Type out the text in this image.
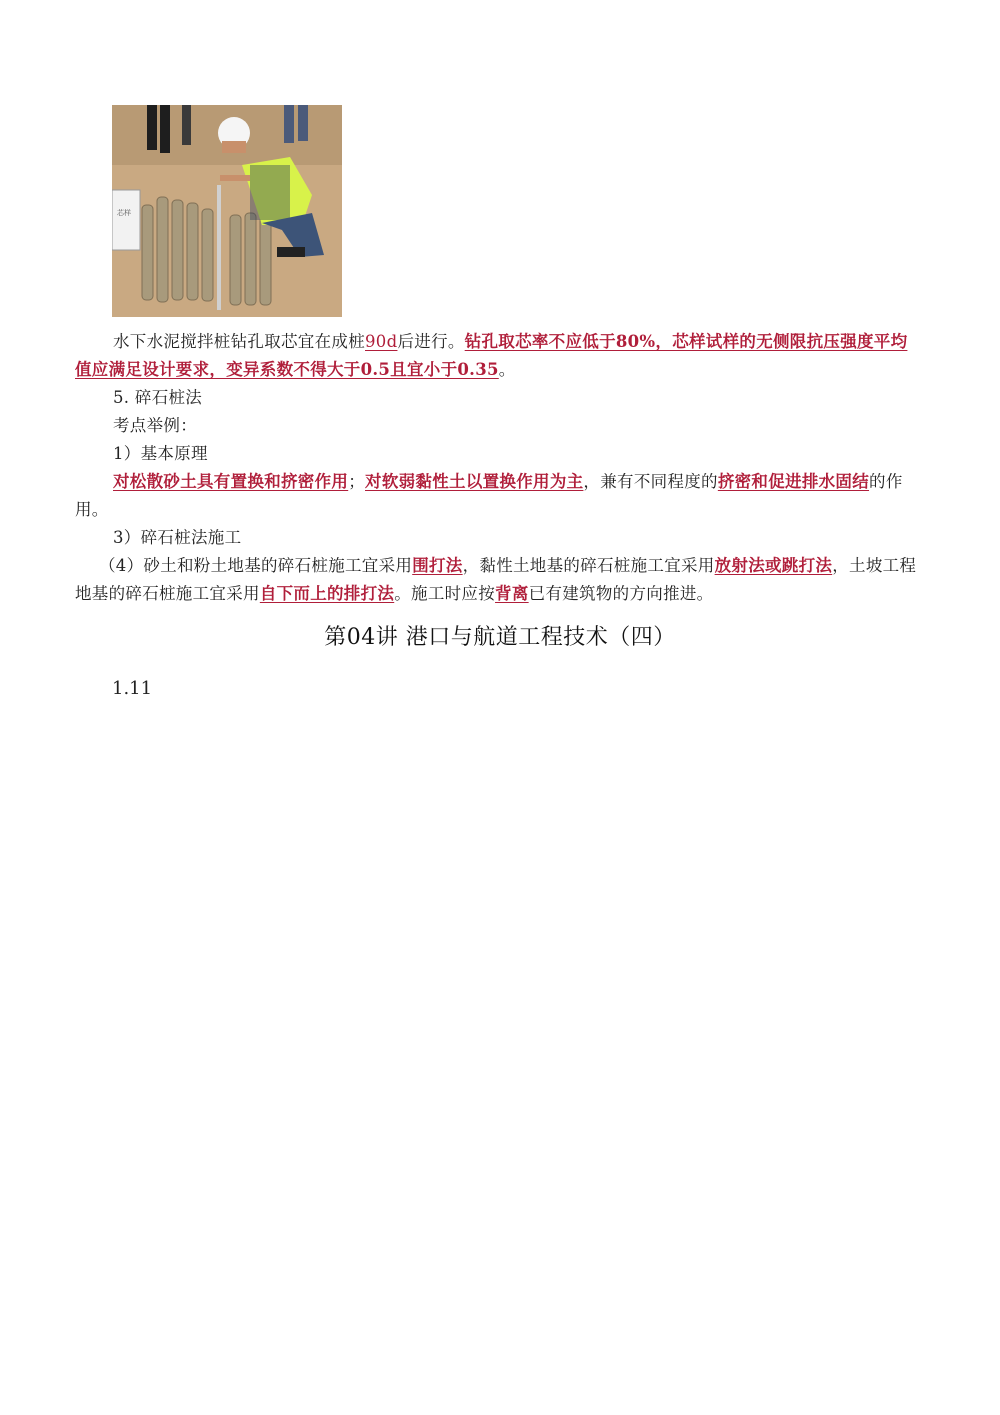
芯样

水下水泥搅拌桩钻孔取芯宜在成桩90d后进行。钻孔取芯率不应低于80%，芯样试样的无侧限抗压强度平均值应满足设计要求，变异系数不得大于0.5且宜小于0.35。

5. 碎石桩法

考点举例：

1）基本原理

对松散砂土具有置换和挤密作用；对软弱黏性土以置换作用为主，兼有不同程度的挤密和促进排水固结的作用。

3）碎石桩法施工

（4）砂土和粉土地基的碎石桩施工宜采用围打法，黏性土地基的碎石桩施工宜采用放射法或跳打法，土坡工程地基的碎石桩施工宜采用自下而上的排打法。施工时应按背离已有建筑物的方向推进。

第04讲 港口与航道工程技术（四）
1.11
